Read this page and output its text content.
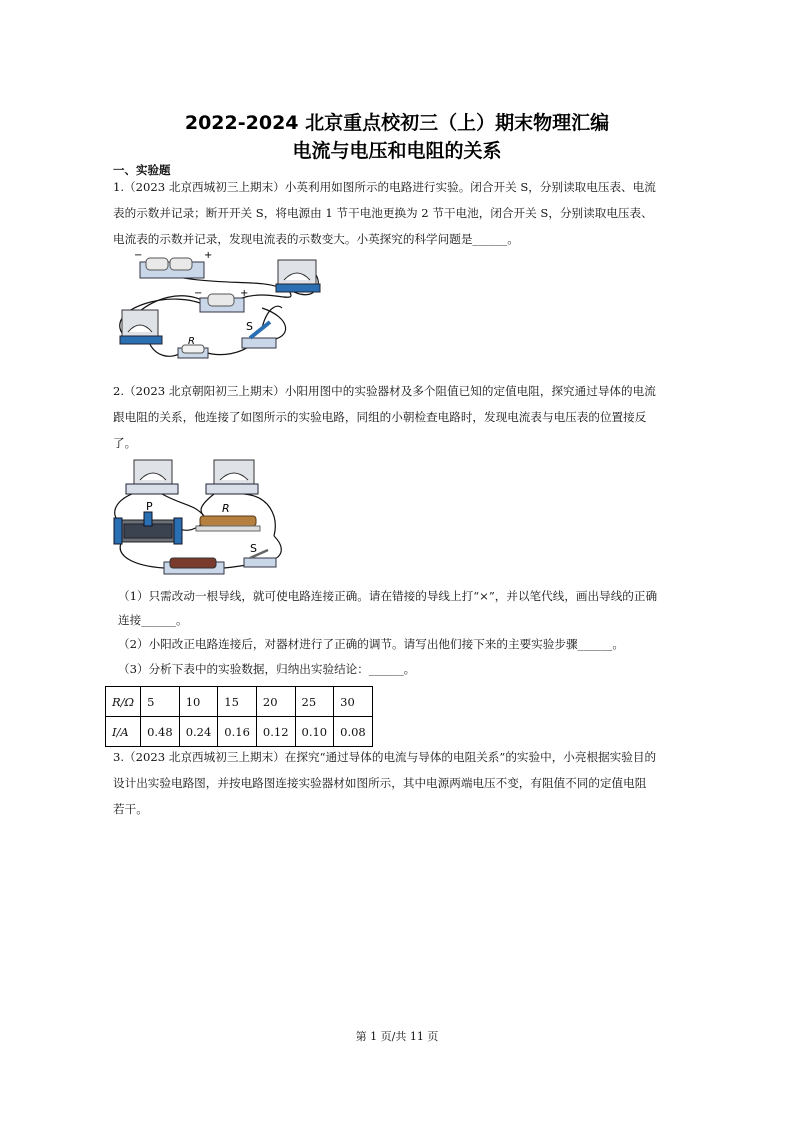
2022-2024 北京重点校初三（上）期末物理汇编
电流与电压和电阻的关系
一、实验题
1.（2023 北京西城初三上期末）小英利用如图所示的电路进行实验。闭合开关 S，分别读取电压表、电流
表的示数并记录；断开开关 S，将电源由 1 节干电池更换为 2 节干电池，闭合开关 S，分别读取电压表、
电流表的示数并记录，发现电流表的示数变大。小英探究的科学问题是______。
−	+
−	+
R
S
2.（2023 北京朝阳初三上期末）小阳用图中的实验器材及多个阻值已知的定值电阻，探究通过导体的电流
跟电阻的关系，他连接了如图所示的实验电路，同组的小朝检查电路时，发现电流表与电压表的位置接反
了。
P	R
S
（1）只需改动一根导线，就可使电路连接正确。请在错接的导线上打“×”，并以笔代线，画出导线的正确
连接______。
（2）小阳改正电路连接后，对器材进行了正确的调节。请写出他们接下来的主要实验步骤______。
（3）分析下表中的实验数据，归纳出实验结论：______。
R/Ω	5	10	15	20	25	30
I/A	0.48	0.24	0.16	0.12	0.10	0.08
3.（2023 北京西城初三上期末）在探究“通过导体的电流与导体的电阻关系”的实验中，小亮根据实验目的
设计出实验电路图，并按电路图连接实验器材如图所示，其中电源两端电压不变，有阻值不同的定值电阻
若干。
第 1 页/共 11 页
